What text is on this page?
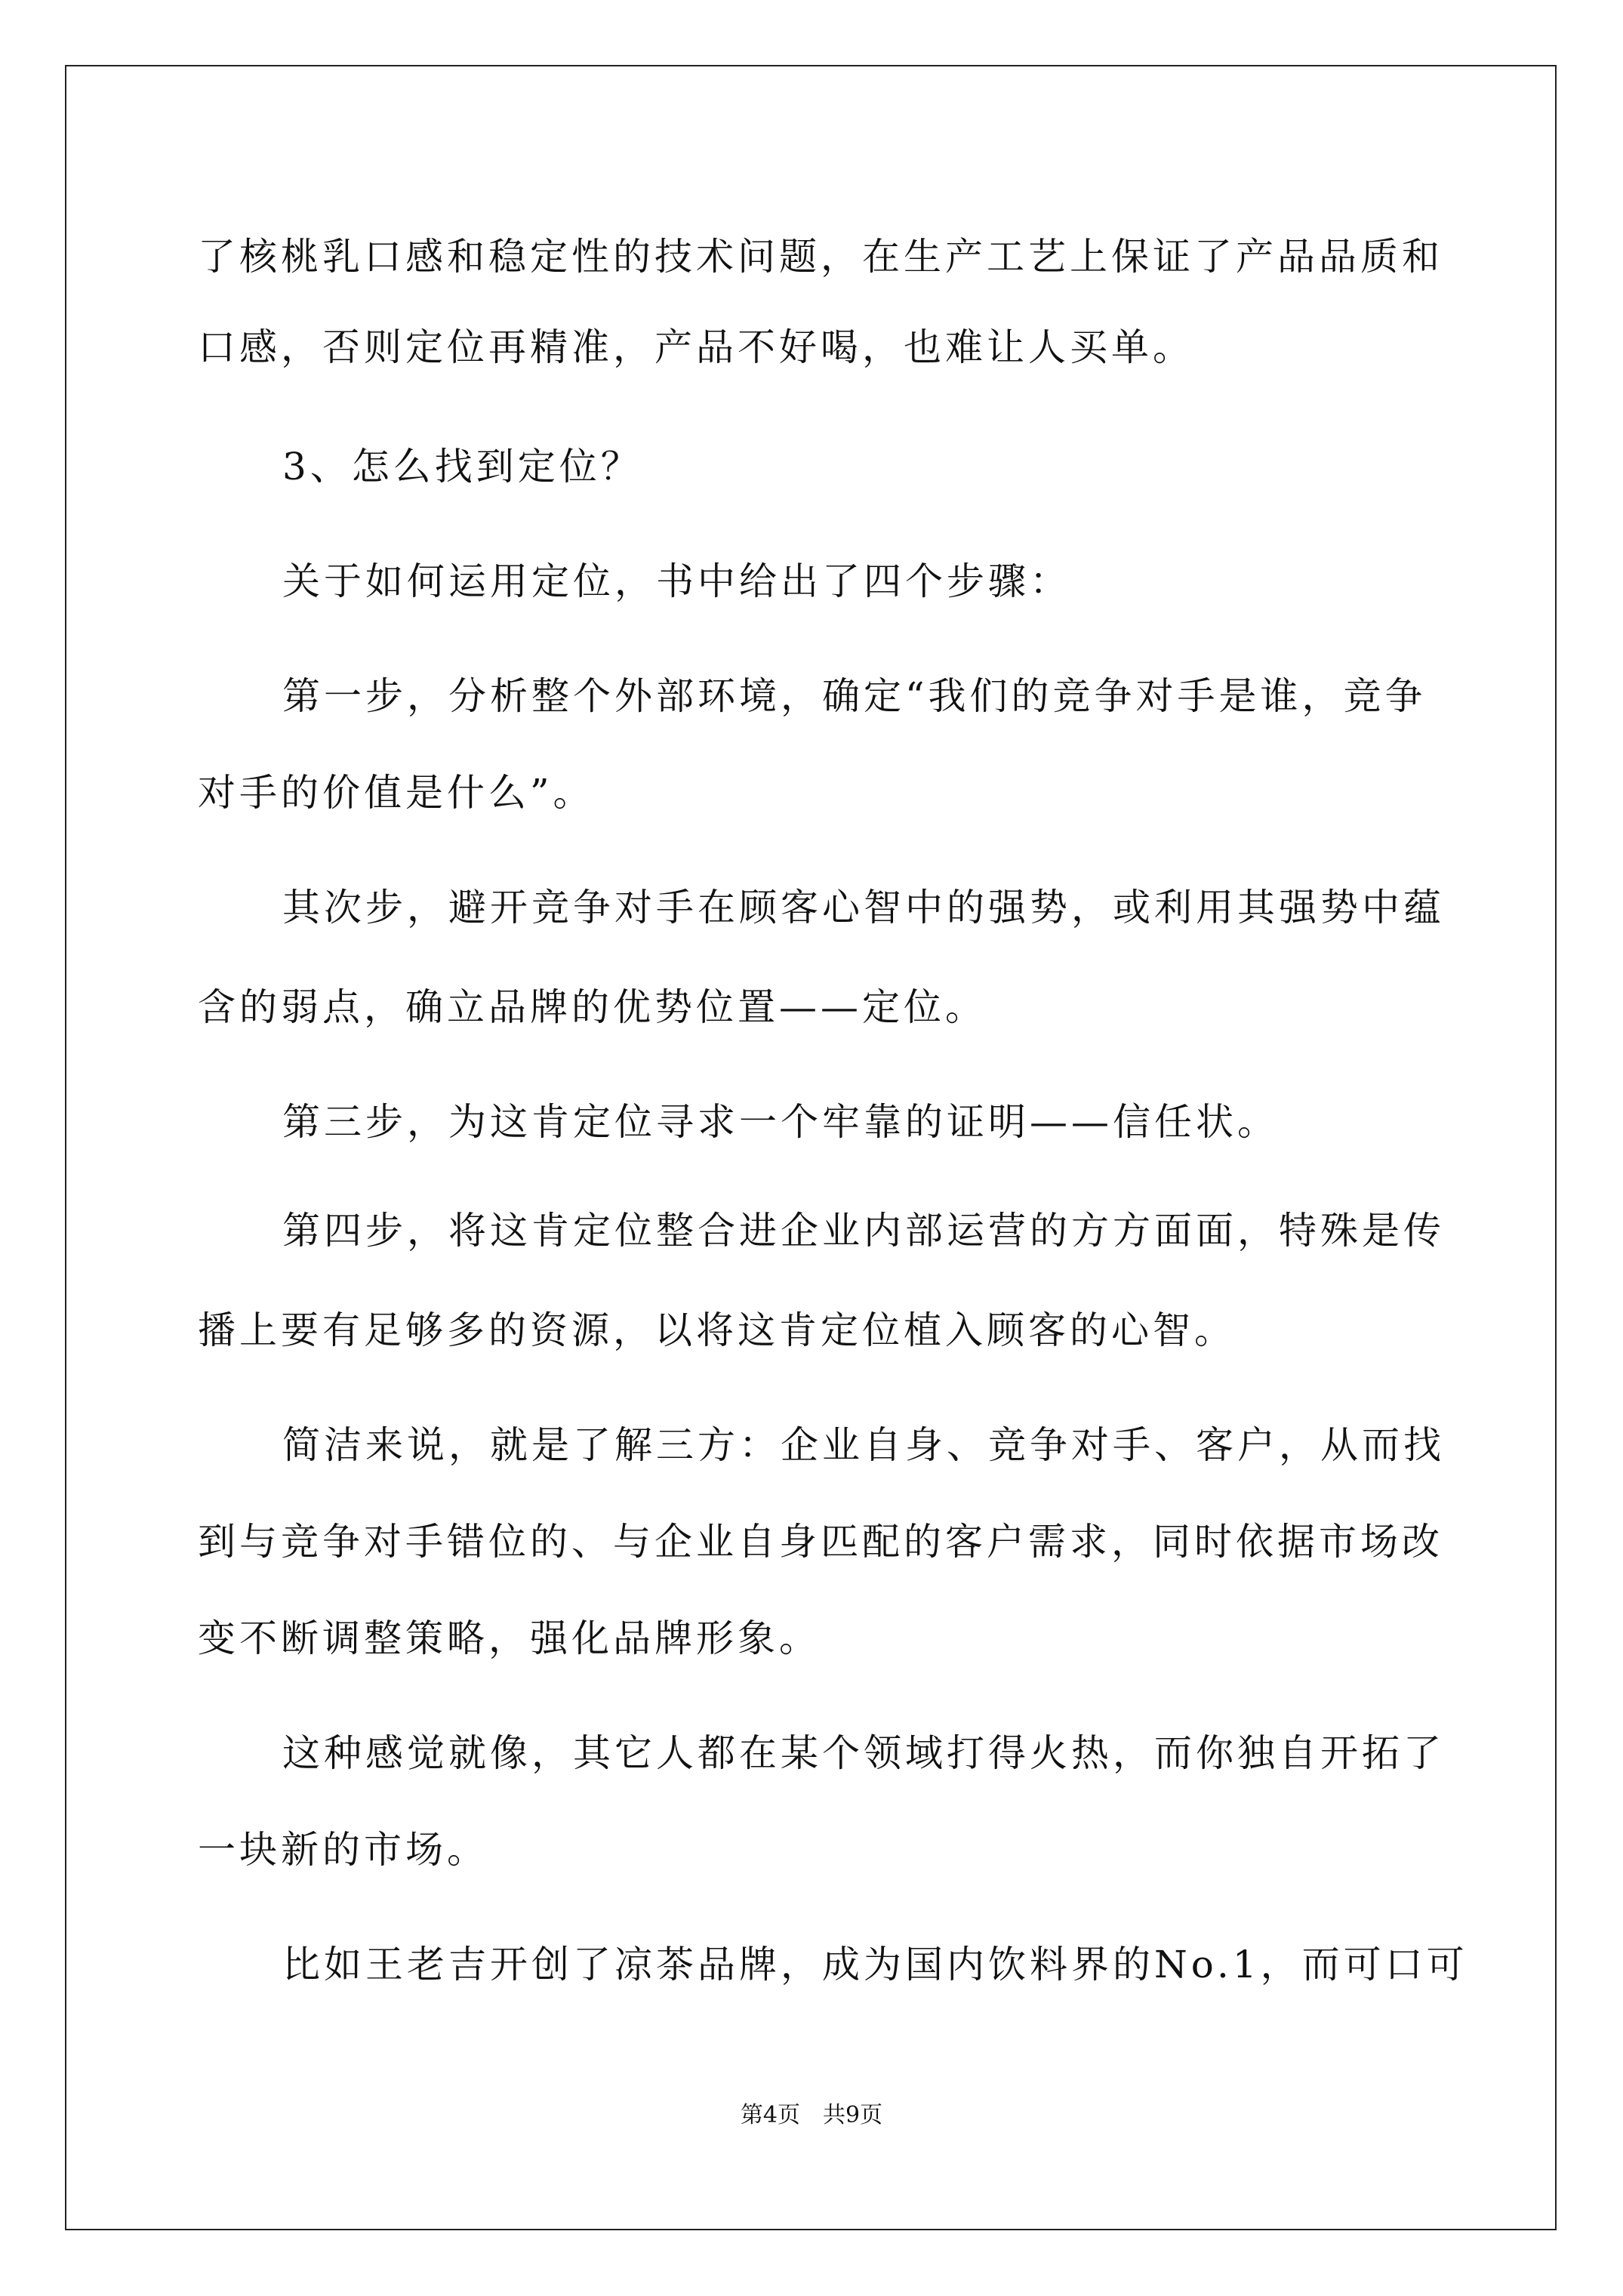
了核桃乳口感和稳定性的技术问题，在生产工艺上保证了产品品质和
口感，否则定位再精准，产品不好喝，也难让人买单。
3、怎么找到定位？
关于如何运用定位，书中给出了四个步骤：
第一步，分析整个外部环境，确定“我们的竞争对手是谁，竞争
对手的价值是什么”。
其次步，避开竞争对手在顾客心智中的强势，或利用其强势中蕴
含的弱点，确立品牌的优势位置——定位。
第三步，为这肯定位寻求一个牢靠的证明——信任状。
第四步，将这肯定位整合进企业内部运营的方方面面，特殊是传
播上要有足够多的资源，以将这肯定位植入顾客的心智。
简洁来说，就是了解三方：企业自身、竞争对手、客户，从而找
到与竞争对手错位的、与企业自身匹配的客户需求，同时依据市场改
变不断调整策略，强化品牌形象。
这种感觉就像，其它人都在某个领域打得火热，而你独自开拓了
一块新的市场。
比如王老吉开创了凉茶品牌，成为国内饮料界的No.1，而可口可
第4页　共9页
